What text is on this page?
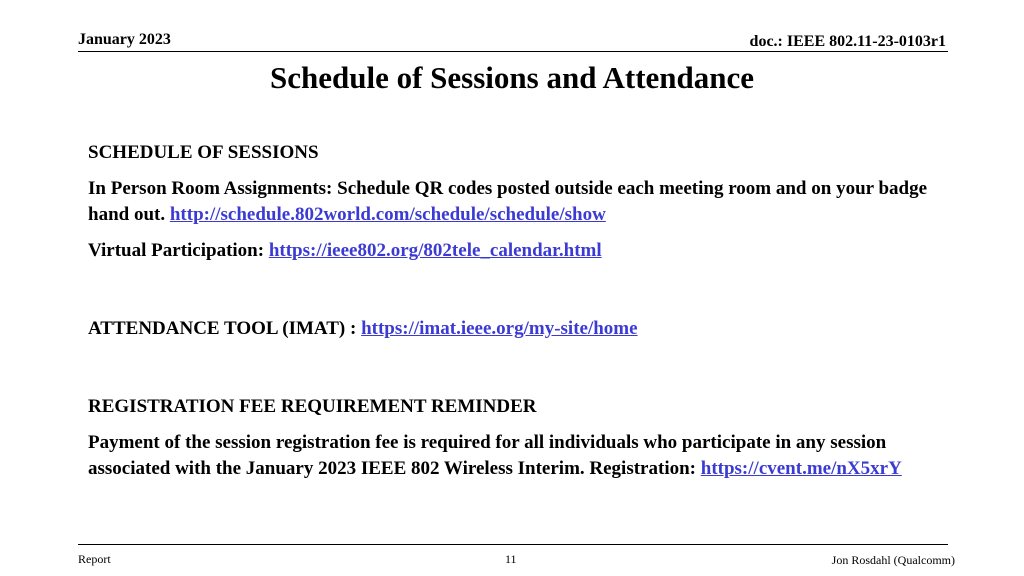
January 2023	doc.: IEEE 802.11-23-0103r1
Schedule of Sessions and Attendance

SCHEDULE OF SESSIONS

In Person Room Assignments: Schedule QR codes posted outside each meeting room and on your badge hand out. http://schedule.802world.com/schedule/schedule/show

Virtual Participation: https://ieee802.org/802tele_calendar.html

ATTENDANCE TOOL (IMAT) : https://imat.ieee.org/my-site/home

REGISTRATION FEE REQUIREMENT REMINDER

Payment of the session registration fee is required for all individuals who participate in any session associated with the January 2023 IEEE 802 Wireless Interim. Registration: https://cvent.me/nX5xrY

Report	11	Jon Rosdahl (Qualcomm)
